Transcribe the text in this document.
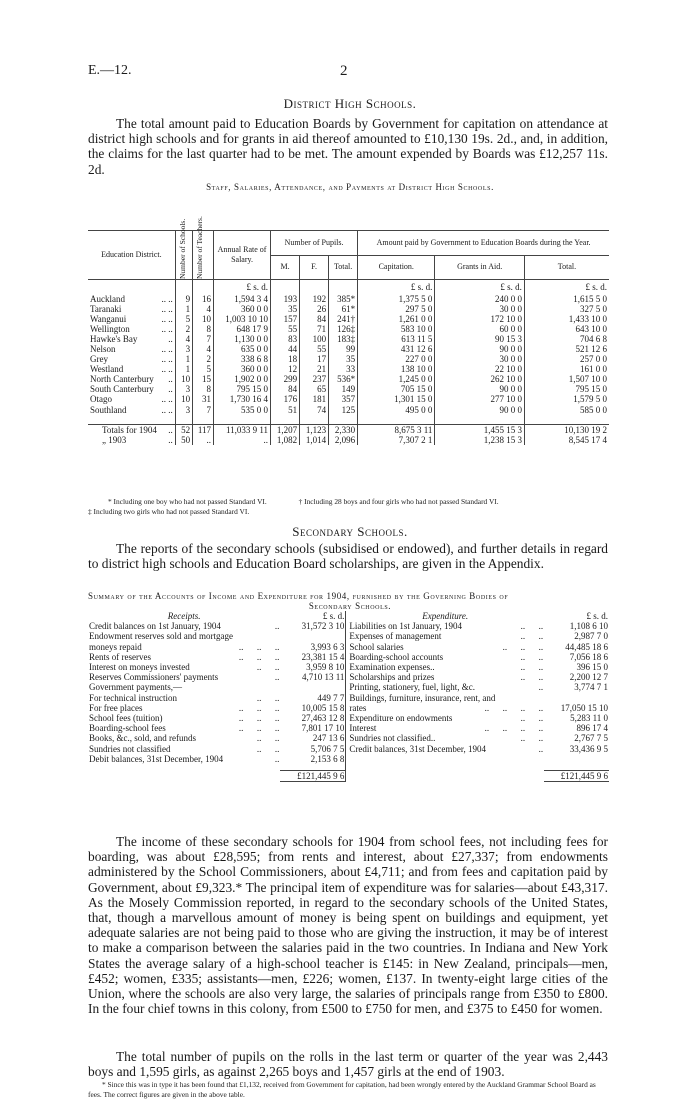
E.—12.	2
District High Schools.
The total amount paid to Education Boards by Government for capitation on attendance at district high schools and for grants in aid thereof amounted to £10,130 19s. 2d., and, in addition, the claims for the last quarter had to be met. The amount expended by Boards was £12,257 11s. 2d.
Staff, Salaries, Attendance, and Payments at District High Schools.
Education District.	Number of Schools.	Number of Teachers.	Annual Rate of Salary.	Number of Pupils.			Amount paid by Government to Education Boards during the Year.		
				M.	F.	Total.	Capitation.	Grants in Aid.	Total.
			£ s. d.				£ s. d.	£ s. d.	£ s. d.
Auckland .. ..	9	16	1,594 3 4	193	192	385*	1,375 5 0	240 0 0	1,615 5 0
Taranaki .. ..	1	4	360 0 0	35	26	61*	297 5 0	30 0 0	327 5 0
Wanganui .. ..	5	10	1,003 10 10	157	84	241†	1,261 0 0	172 10 0	1,433 10 0
Wellington .. ..	2	8	648 17 9	55	71	126‡	583 10 0	60 0 0	643 10 0
Hawke's Bay ..	4	7	1,130 0 0	83	100	183‡	613 11 5	90 15 3	704 6 8
Nelson .. ..	3	4	635 0 0	44	55	99	431 12 6	90 0 0	521 12 6
Grey .. ..	1	2	338 6 8	18	17	35	227 0 0	30 0 0	257 0 0
Westland .. ..	1	5	360 0 0	12	21	33	138 10 0	22 10 0	161 0 0
North Canterbury ..	10	15	1,902 0 0	299	237	536*	1,245 0 0	262 10 0	1,507 10 0
South Canterbury ..	3	8	795 15 0	84	65	149	705 15 0	90 0 0	795 15 0
Otago .. ..	10	31	1,730 16 4	176	181	357	1,301 15 0	277 10 0	1,579 5 0
Southland .. ..	3	7	535 0 0	51	74	125	495 0 0	90 0 0	585 0 0

Totals for 1904 ..	52	117	11,033 9 11	1,207	1,123	2,330	8,675 3 11	1,455 15 3	10,130 19 2
„ 1903 ..	50	..	..	1,082	1,014	2,096	7,307 2 1	1,238 15 3	8,545 17 4
* Including one boy who had not passed Standard VI.	† Including 28 boys and four girls who had not passed Standard VI.
‡ Including two girls who had not passed Standard VI.
Secondary Schools.
The reports of the secondary schools (subsidised or endowed), and further details in regard to district high schools and Education Board scholarships, are given in the Appendix.
Summary of the Accounts of Income and Expenditure for 1904, furnished by the Governing Bodies of
Secondary Schools.
Receipts.	£ s. d.	Expenditure.	£ s. d.
Credit balances on 1st January, 1904 ..	31,572 3 10	Liabilities on 1st January, 1904 ..      ..	1,108 6 10
Endowment reserves sold and mortgage		Expenses of management ..      ..	2,987 7 0
moneys repaid ..      ..      ..	3,993 6 3	School salaries ..      ..      ..	44,485 18 6
Rents of reserves ..      ..      ..	23,381 15 4	Boarding-school accounts ..      ..	7,056 18 6
Interest on moneys invested ..      ..	3,959 8 10	Examination expenses.. ..      ..	396 15 0
Reserves Commissioners' payments ..	4,710 13 11	Scholarships and prizes ..      ..	2,200 12 7
Government payments,—		Printing, stationery, fuel, light, &c. ..	3,774 7 1
For technical instruction ..      ..	449 7 7	Buildings, furniture, insurance, rent, and

For free places ..      ..      ..	10,005 15 8	rates ..      ..      ..      ..	17,050 15 10
School fees (tuition) ..      ..      ..	27,463 12 8	Expenditure on endowments ..      ..	5,283 11 0
Boarding-school fees ..      ..      ..	7,801 17 10	Interest ..      ..      ..      ..	896 17 4
Books, &c., sold, and refunds ..      ..	247 13 6	Sundries not classified.. ..      ..	2,767 7 5
Sundries not classified ..      ..	5,706 7 5	Credit balances, 31st December, 1904 ..	33,436 9 5
Debit balances, 31st December, 1904 ..	2,153 6 8	

	£121,445 9 6		£121,445 9 6
The income of these secondary schools for 1904 from school fees, not including fees for boarding, was about £28,595; from rents and interest, about £27,337; from endowments administered by the School Commissioners, about £4,711; and from fees and capitation paid by Government, about £9,323.* The principal item of expenditure was for salaries—about £43,317. As the Mosely Commission reported, in regard to the secondary schools of the United States, that, though a marvellous amount of money is being spent on buildings and equipment, yet adequate salaries are not being paid to those who are giving the instruction, it may be of interest to make a comparison between the salaries paid in the two countries. In Indiana and New York States the average salary of a high-school teacher is £145: in New Zealand, principals—men, £452; women, £335; assistants—men, £226; women, £137. In twenty-eight large cities of the Union, where the schools are also very large, the salaries of principals range from £350 to £800. In the four chief towns in this colony, from £500 to £750 for men, and £375 to £450 for women.
The total number of pupils on the rolls in the last term or quarter of the year was 2,443 boys and 1,595 girls, as against 2,265 boys and 1,457 girls at the end of 1903.
* Since this was in type it has been found that £1,132, received from Government for capitation, had been wrongly entered by the Auckland Grammar School Board as fees. The correct figures are given in the above table.
